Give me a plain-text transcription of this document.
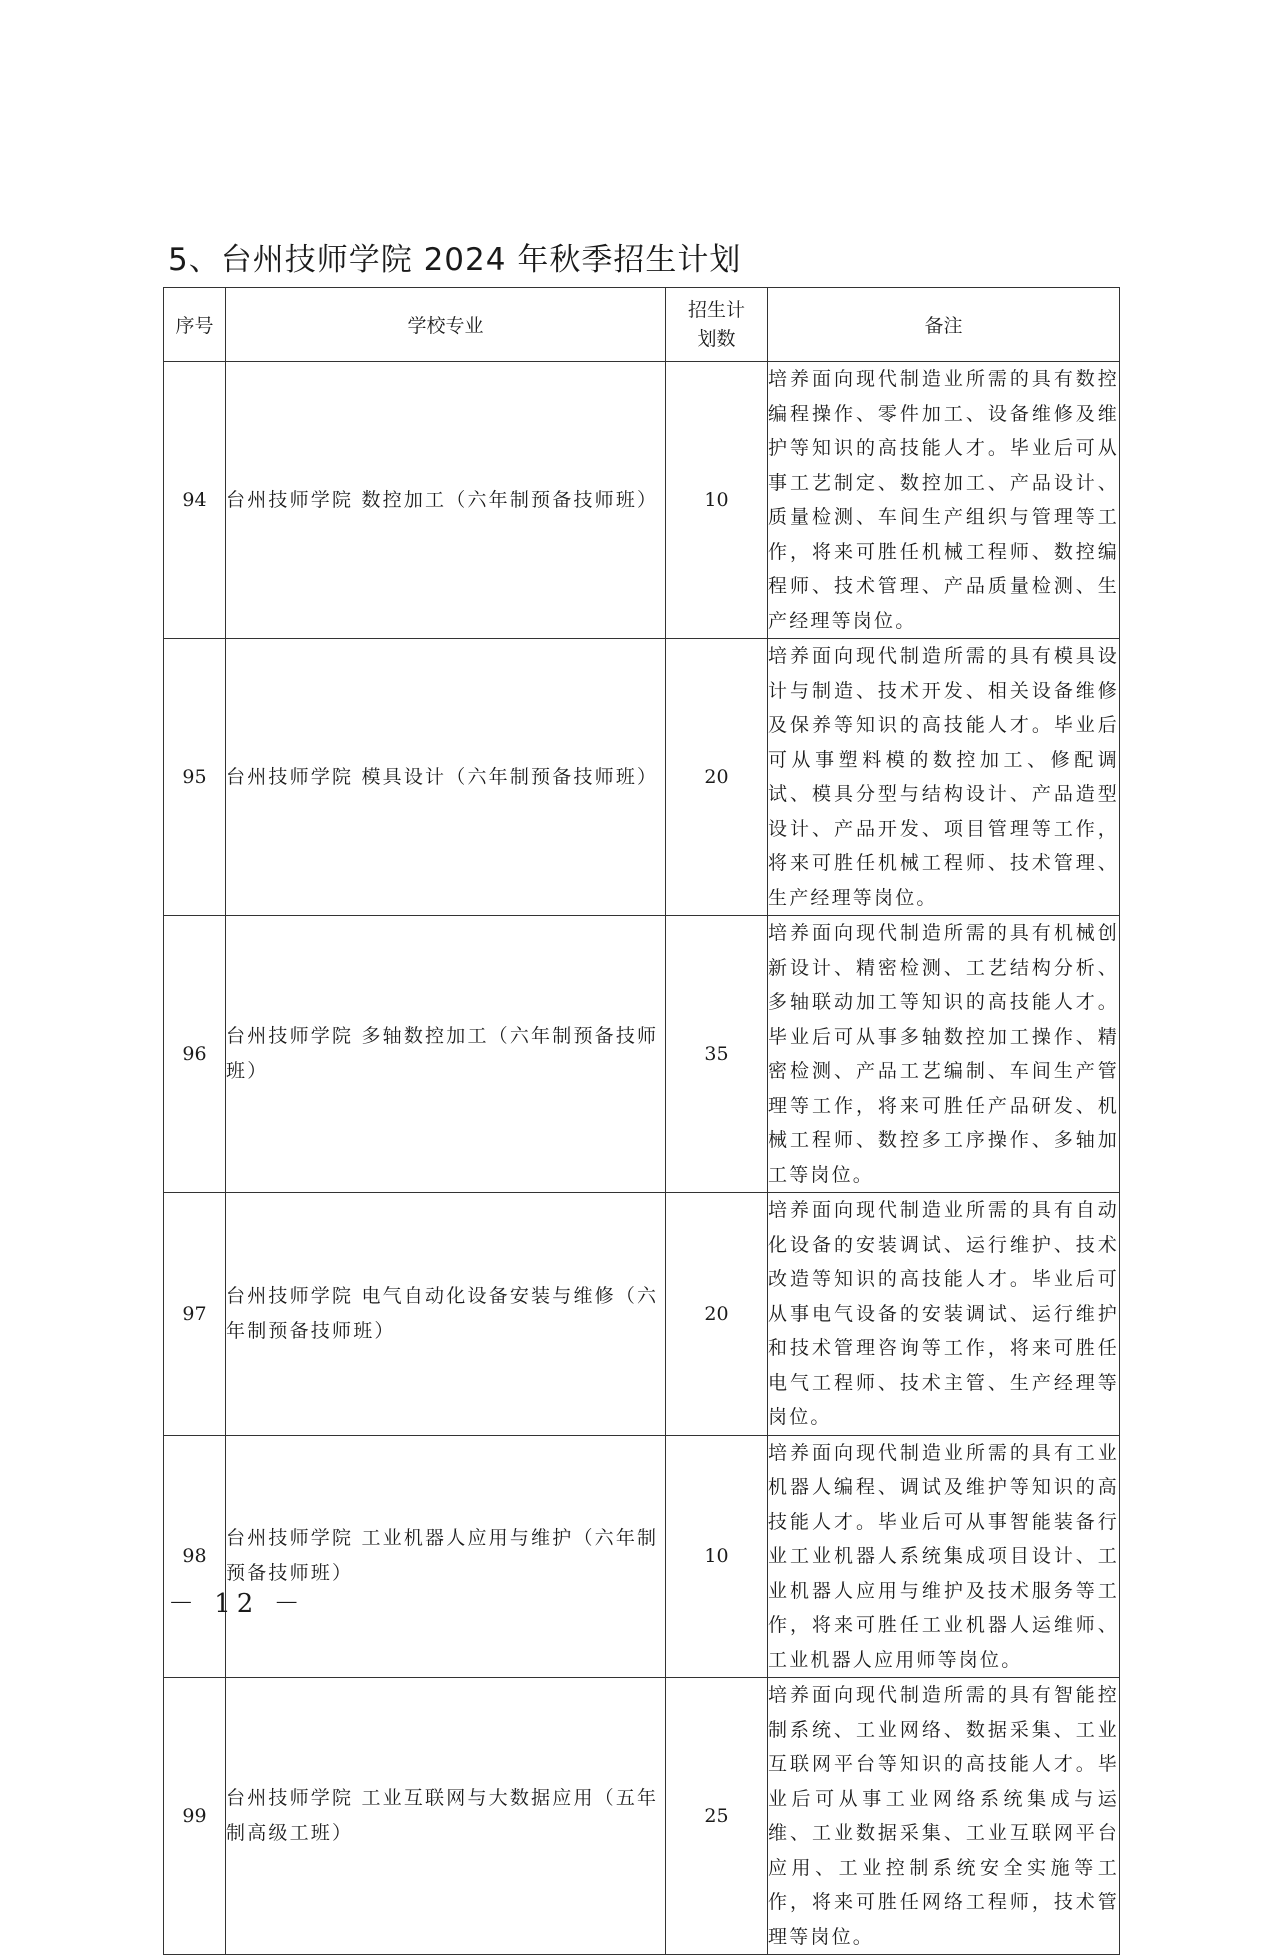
5、台州技师学院 2024 年秋季招生计划
序号	学校专业	招生计划数	备注
94	台州技师学院 数控加工（六年制预备技师班）	10	培养面向现代制造业所需的具有数控编程操作、零件加工、设备维修及维护等知识的高技能人才。毕业后可从事工艺制定、数控加工、产品设计、质量检测、车间生产组织与管理等工作，将来可胜任机械工程师、数控编程师、技术管理、产品质量检测、生产经理等岗位。
95	台州技师学院 模具设计（六年制预备技师班）	20	培养面向现代制造所需的具有模具设计与制造、技术开发、相关设备维修及保养等知识的高技能人才。毕业后可从事塑料模的数控加工、修配调试、模具分型与结构设计、产品造型设计、产品开发、项目管理等工作，将来可胜任机械工程师、技术管理、生产经理等岗位。
96	台州技师学院 多轴数控加工（六年制预备技师班）	35	培养面向现代制造所需的具有机械创新设计、精密检测、工艺结构分析、多轴联动加工等知识的高技能人才。毕业后可从事多轴数控加工操作、精密检测、产品工艺编制、车间生产管理等工作，将来可胜任产品研发、机械工程师、数控多工序操作、多轴加工等岗位。
97	台州技师学院 电气自动化设备安装与维修（六年制预备技师班）	20	培养面向现代制造业所需的具有自动化设备的安装调试、运行维护、技术改造等知识的高技能人才。毕业后可从事电气设备的安装调试、运行维护和技术管理咨询等工作，将来可胜任电气工程师、技术主管、生产经理等岗位。
98	台州技师学院 工业机器人应用与维护（六年制预备技师班）	10	培养面向现代制造业所需的具有工业机器人编程、调试及维护等知识的高技能人才。毕业后可从事智能装备行业工业机器人系统集成项目设计、工业机器人应用与维护及技术服务等工作，将来可胜任工业机器人运维师、工业机器人应用师等岗位。
99	台州技师学院 工业互联网与大数据应用（五年制高级工班）	25	培养面向现代制造所需的具有智能控制系统、工业网络、数据采集、工业互联网平台等知识的高技能人才。毕业后可从事工业网络系统集成与运维、工业数据采集、工业互联网平台应用、工业控制系统安全实施等工作，将来可胜任网络工程师，技术管理等岗位。
－ 12 －
